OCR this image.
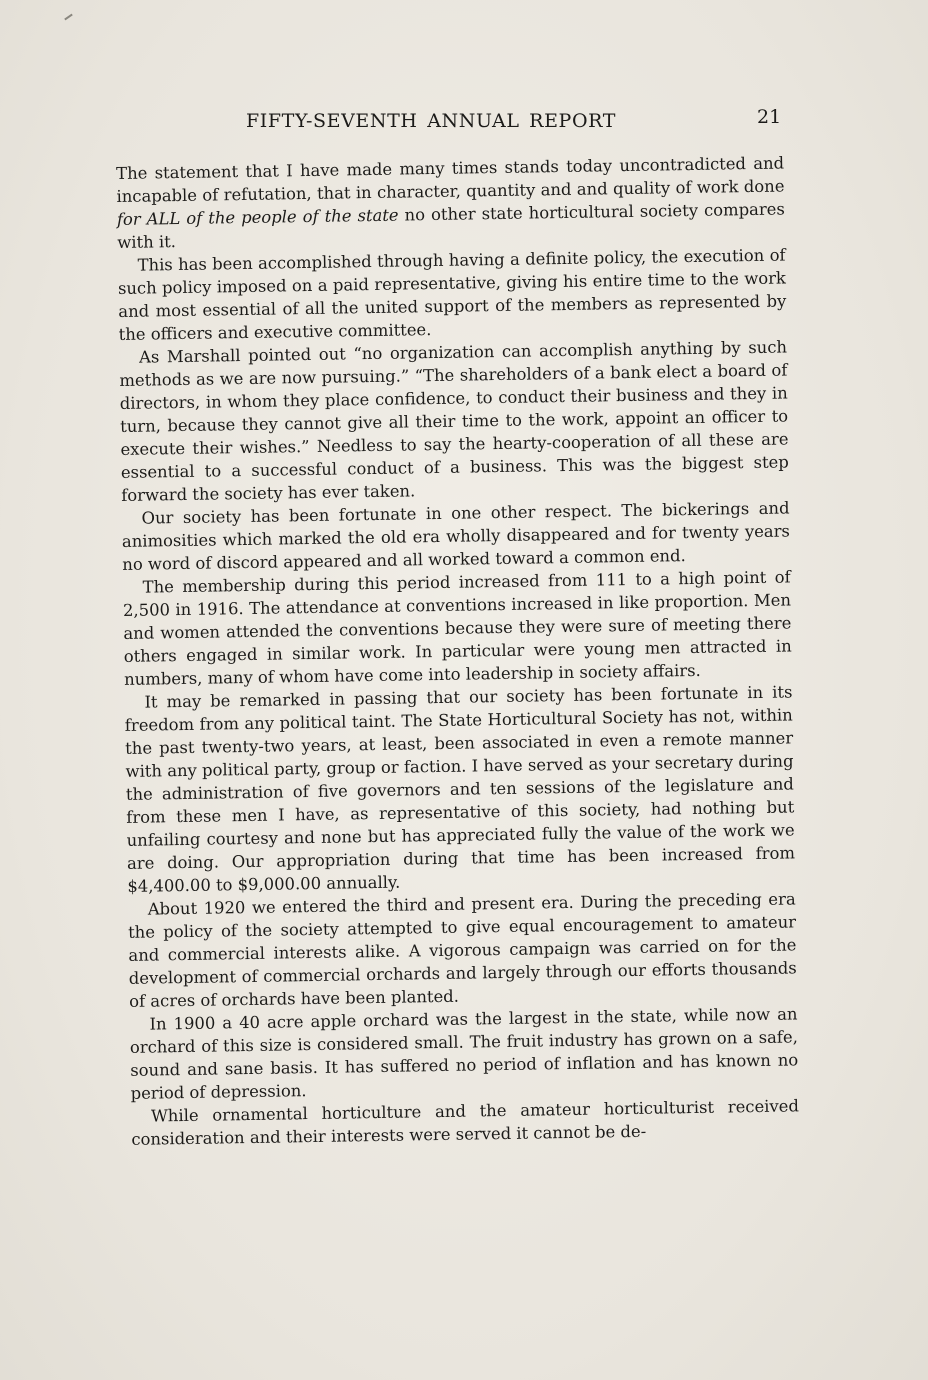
FIFTY-SEVENTH ANNUAL REPORT	21

The statement that I have made many times stands today uncontradicted and incapable of refutation, that in character, quantity and and quality of work done for ALL of the people of the state no other state horticultural society compares with it.

This has been accomplished through having a definite policy, the execution of such policy imposed on a paid representative, giving his entire time to the work and most essential of all the united support of the members as represented by the officers and executive committee.

As Marshall pointed out “no organization can accomplish anything by such methods as we are now pursuing.” “The shareholders of a bank elect a board of directors, in whom they place confidence, to conduct their business and they in turn, because they cannot give all their time to the work, appoint an officer to execute their wishes.” Needless to say the hearty-cooperation of all these are essential to a successful conduct of a business. This was the biggest step forward the society has ever taken.

Our society has been fortunate in one other respect. The bickerings and animosities which marked the old era wholly disappeared and for twenty years no word of discord appeared and all worked toward a common end.

The membership during this period increased from 111 to a high point of 2,500 in 1916. The attendance at conventions increased in like proportion. Men and women attended the conventions because they were sure of meeting there others engaged in similar work. In particular were young men attracted in numbers, many of whom have come into leadership in society affairs.

It may be remarked in passing that our society has been fortunate in its freedom from any political taint. The State Horticultural Society has not, within the past twenty-two years, at least, been associated in even a remote manner with any political party, group or faction. I have served as your secretary during the administration of five governors and ten sessions of the legislature and from these men I have, as representative of this society, had nothing but unfailing courtesy and none but has appreciated fully the value of the work we are doing. Our appropriation during that time has been increased from $4,400.00 to $9,000.00 annually.

About 1920 we entered the third and present era. During the preceding era the policy of the society attempted to give equal encouragement to amateur and commercial interests alike. A vigorous campaign was carried on for the development of commercial orchards and largely through our efforts thousands of acres of orchards have been planted.

In 1900 a 40 acre apple orchard was the largest in the state, while now an orchard of this size is considered small. The fruit industry has grown on a safe, sound and sane basis. It has suffered no period of inflation and has known no period of depression.

While ornamental horticulture and the amateur horticulturist received consideration and their interests were served it cannot be de-
